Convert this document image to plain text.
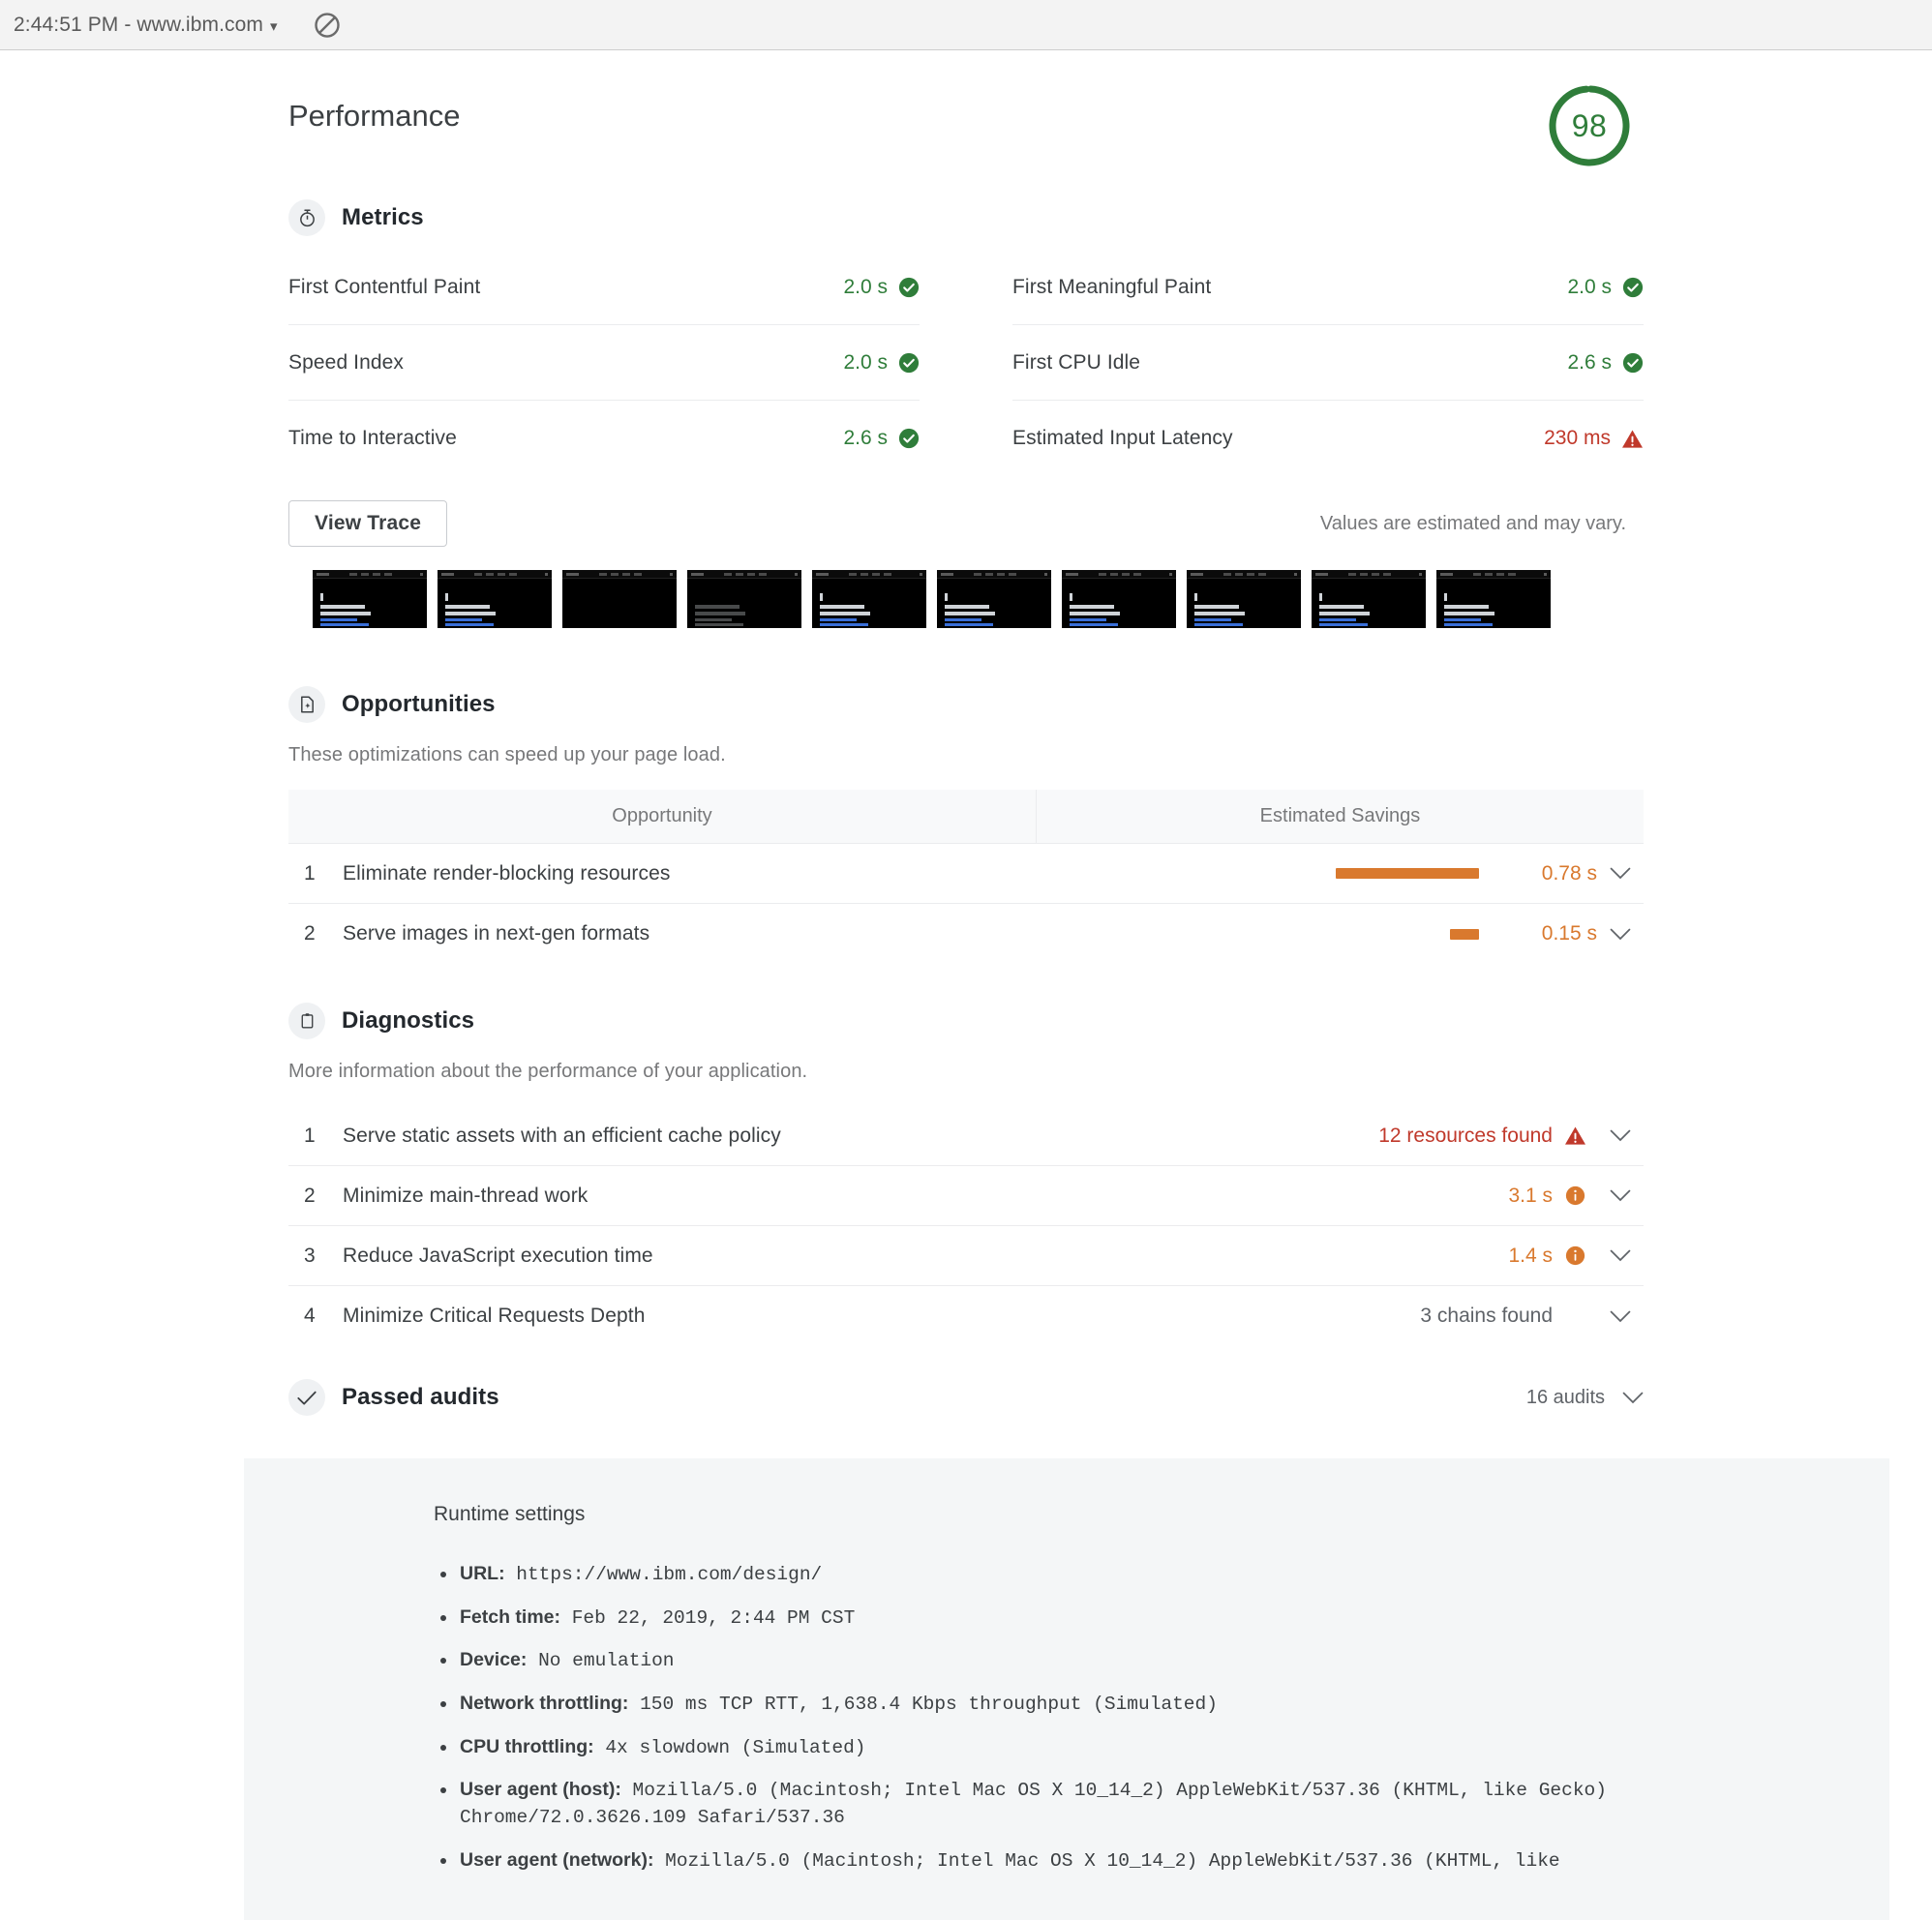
2:44:51 PM - www.ibm.com ▾
Performance	98
Metrics
First Contentful Paint	2.0 s
Speed Index	2.0 s
Time to Interactive	2.6 s
First Meaningful Paint	2.0 s
First CPU Idle	2.6 s
Estimated Input Latency	230 ms
View Trace	Values are estimated and may vary.
Opportunities
These optimizations can speed up your page load.
Opportunity	Estimated Savings
1	Eliminate render-blocking resources	0.78 s
2	Serve images in next-gen formats	0.15 s
Diagnostics
More information about the performance of your application.
1	Serve static assets with an efficient cache policy	12 resources found
2	Minimize main-thread work	3.1 s
3	Reduce JavaScript execution time	1.4 s
4	Minimize Critical Requests Depth	3 chains found
Passed audits	16 audits
Runtime settings
URL: https://www.ibm.com/design/
Fetch time: Feb 22, 2019, 2:44 PM CST
Device: No emulation
Network throttling: 150 ms TCP RTT, 1,638.4 Kbps throughput (Simulated)
CPU throttling: 4x slowdown (Simulated)
User agent (host): Mozilla/5.0 (Macintosh; Intel Mac OS X 10_14_2) AppleWebKit/537.36 (KHTML, like Gecko) Chrome/72.0.3626.109 Safari/537.36
User agent (network): Mozilla/5.0 (Macintosh; Intel Mac OS X 10_14_2) AppleWebKit/537.36 (KHTML, like
